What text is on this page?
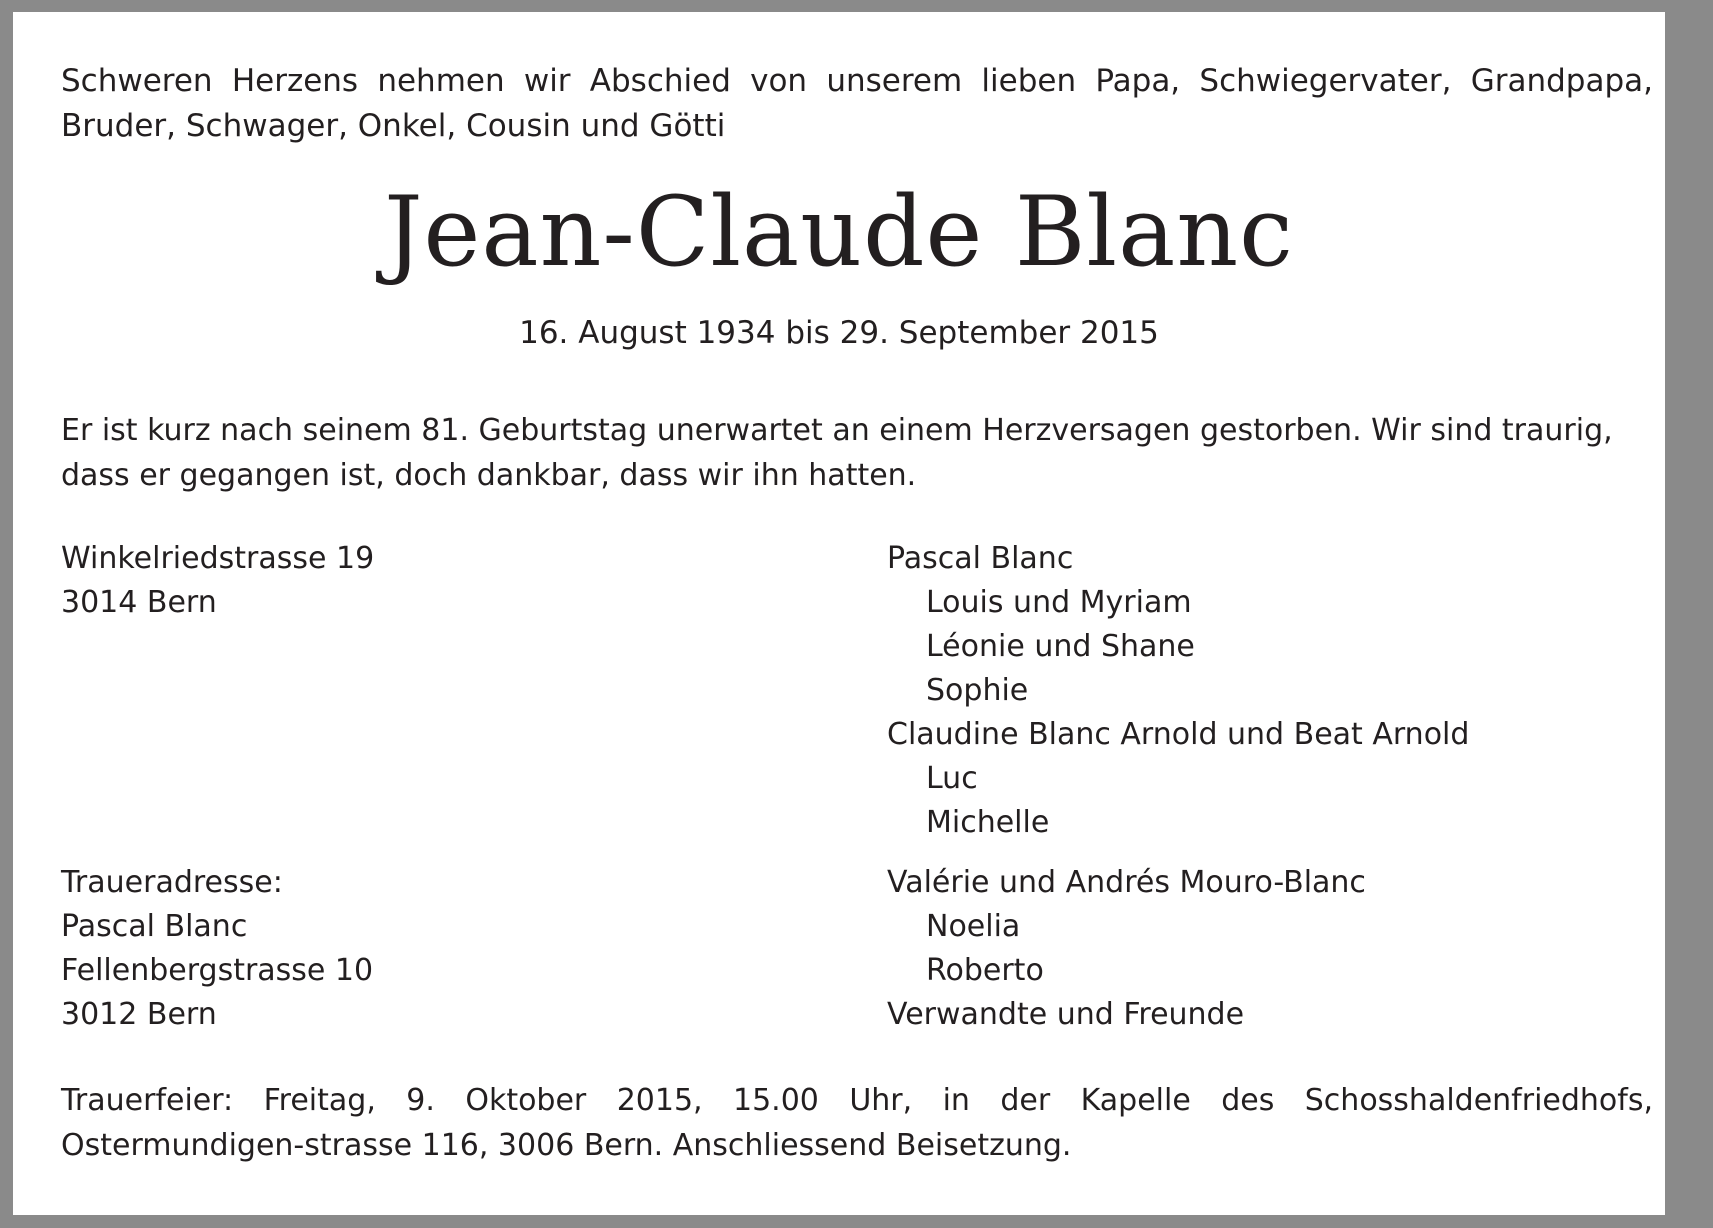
Schweren Herzens nehmen wir Abschied von unserem lieben Papa, Schwiegervater, Grandpapa, Bruder, Schwager, Onkel, Cousin und Götti
Jean-Claude Blanc
16. August 1934 bis 29. September 2015
Er ist kurz nach seinem 81. Geburtstag unerwartet an einem Herzversagen gestorben. Wir sind traurig, dass er gegangen ist, doch dankbar, dass wir ihn hatten.
Winkelriedstrasse 19
3014 Bern
Traueradresse:
Pascal Blanc
Fellenbergstrasse 10
3012 Bern
Pascal Blanc
Louis und Myriam
Léonie und Shane
Sophie
Claudine Blanc Arnold und Beat Arnold
Luc
Michelle
Valérie und Andrés Mouro-Blanc
Noelia
Roberto
Verwandte und Freunde
Trauerfeier: Freitag, 9. Oktober 2015, 15.00 Uhr, in der Kapelle des Schosshaldenfriedhofs, Ostermundigen-strasse 116, 3006 Bern. Anschliessend Beisetzung.
